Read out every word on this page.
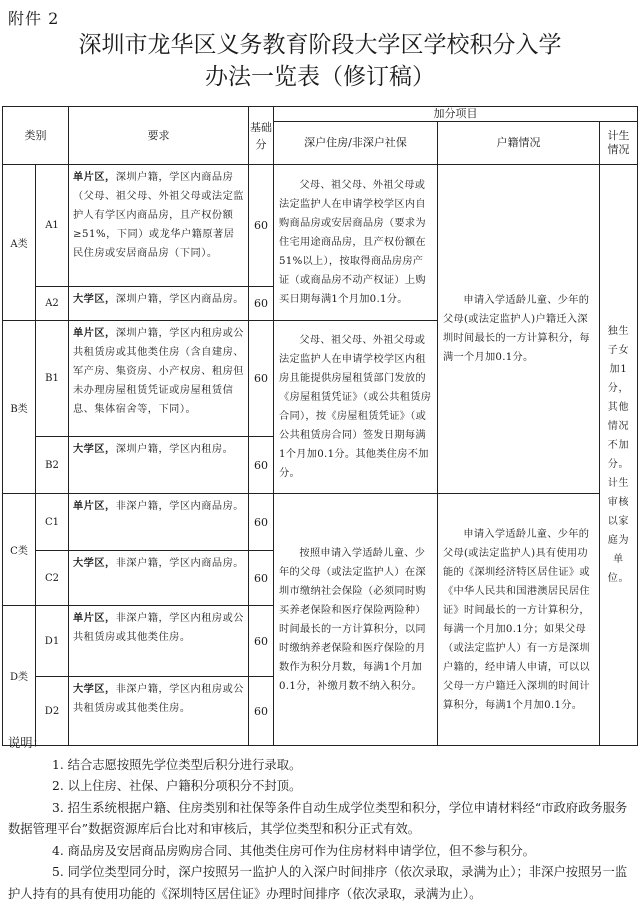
附件 2
深圳市龙华区义务教育阶段大学区学校积分入学
办法一览表（修订稿）
类别		要求	基础分	加分项目		
				深户住房/非深户社保	户籍情况	计生情况
A类	A1	单片区，深圳户籍，学区内商品房（父母、祖父母、外祖父母或法定监护人有学区内商品房，且产权份额≥51%，下同）或龙华户籍原著居民住房或安居商品房（下同）。	60	父母、祖父母、外祖父母或法定监护人在申请学校学区内自购商品房或安居商品房（要求为住宅用途商品房，且产权份额在51%以上），按取得商品房房产证（或商品房不动产权证）上购买日期每满1个月加0.1分。	申请入学适龄儿童、少年的父母(或法定监护人)户籍迁入深圳时间最长的一方计算积分，每满一个月加0.1分。	独生子女加1分，其他情况不加分。计生审核以家庭为单位。

	A2	大学区，深圳户籍，学区内商品房。	60			
B类	B1	单片区，深圳户籍，学区内租房或公共租赁房或其他类住房（含自建房、军产房、集资房、小产权房、租房但未办理房屋租赁凭证或房屋租赁信息、集体宿舍等，下同）。	60	父母、祖父母、外祖父母或法定监护人在申请学校学区内租房且能提供房屋租赁部门发放的《房屋租赁凭证》（或公共租赁房合同），按《房屋租赁凭证》（或公共租赁房合同）签发日期每满1个月加0.1分。其他类住房不加分。		

	B2	大学区，深圳户籍，学区内租房。	60			
C类	C1	单片区，非深户籍，学区内商品房。	60	按照申请入学适龄儿童、少年的父母（或法定监护人）在深圳市缴纳社会保险（必须同时购买养老保险和医疗保险两险种）时间最长的一方计算积分，以同时缴纳养老保险和医疗保险的月数作为积分月数，每满1个月加0.1分，补缴月数不纳入积分。	申请入学适龄儿童、少年的父母(或法定监护人)具有使用功能的《深圳经济特区居住证》或《中华人民共和国港澳居民居住证》时间最长的一方计算积分，每满一个月加0.1分；如果父母（或法定监护人）有一方是深圳户籍的，经申请人申请，可以以父母一方户籍迁入深圳的时间计算积分，每满1个月加0.1分。	

	C2	大学区，非深户籍，学区内商品房。	60			
D类	D1	单片区，非深户籍，学区内租房或公共租赁房或其他类住房。	60			
	D2	大学区，非深户籍，学区内租房或公共租赁房或其他类住房。	60			

说明：

1. 结合志愿按照先学位类型后积分进行录取。

2. 以上住房、社保、户籍积分项积分不封顶。

3. 招生系统根据户籍、住房类别和社保等条件自动生成学位类型和积分，学位申请材料经“市政府政务服务数据管理平台”数据资源库后台比对和审核后，其学位类型和积分正式有效。

4. 商品房及安居商品房购房合同、其他类住房可作为住房材料申请学位，但不参与积分。

5. 同学位类型同分时，深户按照另一监护人的入深户时间排序（依次录取，录满为止）；非深户按照另一监护人持有的具有使用功能的《深圳特区居住证》办理时间排序（依次录取，录满为止）。
